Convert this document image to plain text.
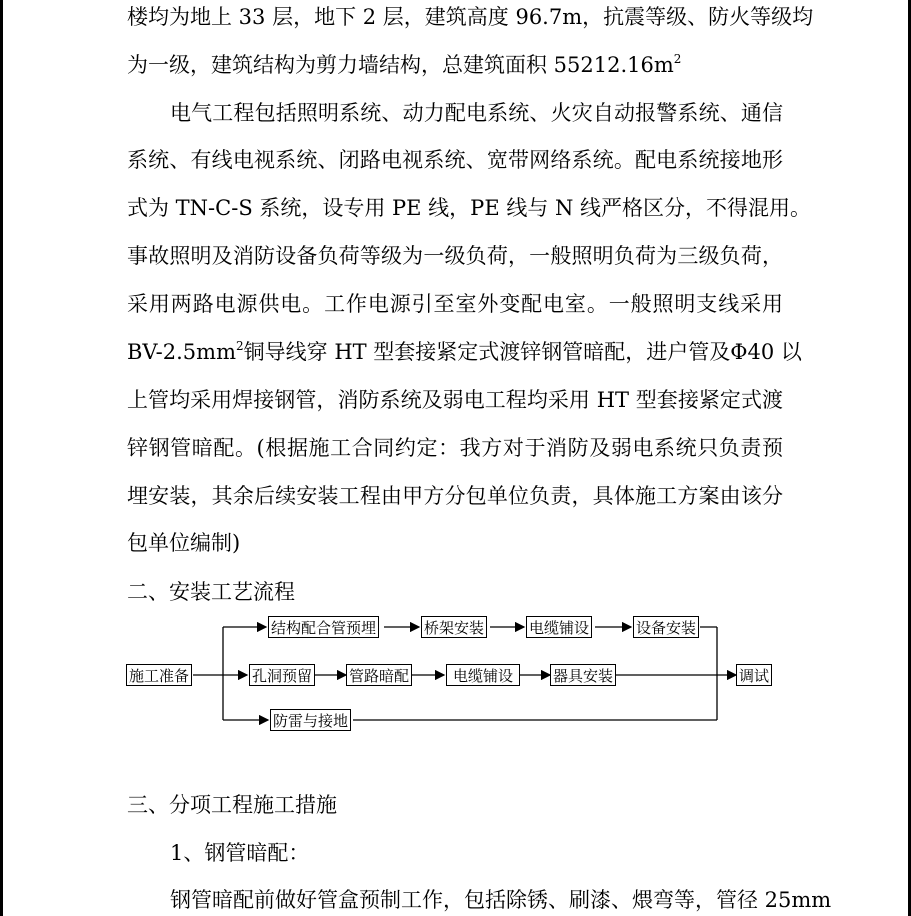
楼均为地上 33 层，地下 2 层，建筑高度 96.7m，抗震等级、防火等级均
为一级，建筑结构为剪力墙结构，总建筑面积 $55212.16m^2$
电气工程包括照明系统、动力配电系统、火灾自动报警系统、通信
系统、有线电视系统、闭路电视系统、宽带网络系统。配电系统接地形
式为 TN-C-S 系统，设专用 PE 线，PE 线与 N 线严格区分，不得混用。
事故照明及消防设备负荷等级为一级负荷，一般照明负荷为三级负荷，
采用两路电源供电。工作电源引至室外变配电室。一般照明支线采用
$BV-2.5mm^2$铜导线穿 HT 型套接紧定式渡锌钢管暗配，进户管及Φ40 以
上管均采用焊接钢管，消防系统及弱电工程均采用 HT 型套接紧定式渡
锌钢管暗配。(根据施工合同约定：我方对于消防及弱电系统只负责预
埋安装，其余后续安装工程由甲方分包单位负责，具体施工方案由该分
包单位编制)
二、安装工艺流程
施工准备
结构配合管预埋	桥架安装	电缆铺设	设备安装
孔洞预留 管路暗配	电缆铺设	器具安装
防雷与接地
调试
三、分项工程施工措施
1、钢管暗配：
钢管暗配前做好管盒预制工作，包括除锈、刷漆、煨弯等，管径 25mm
